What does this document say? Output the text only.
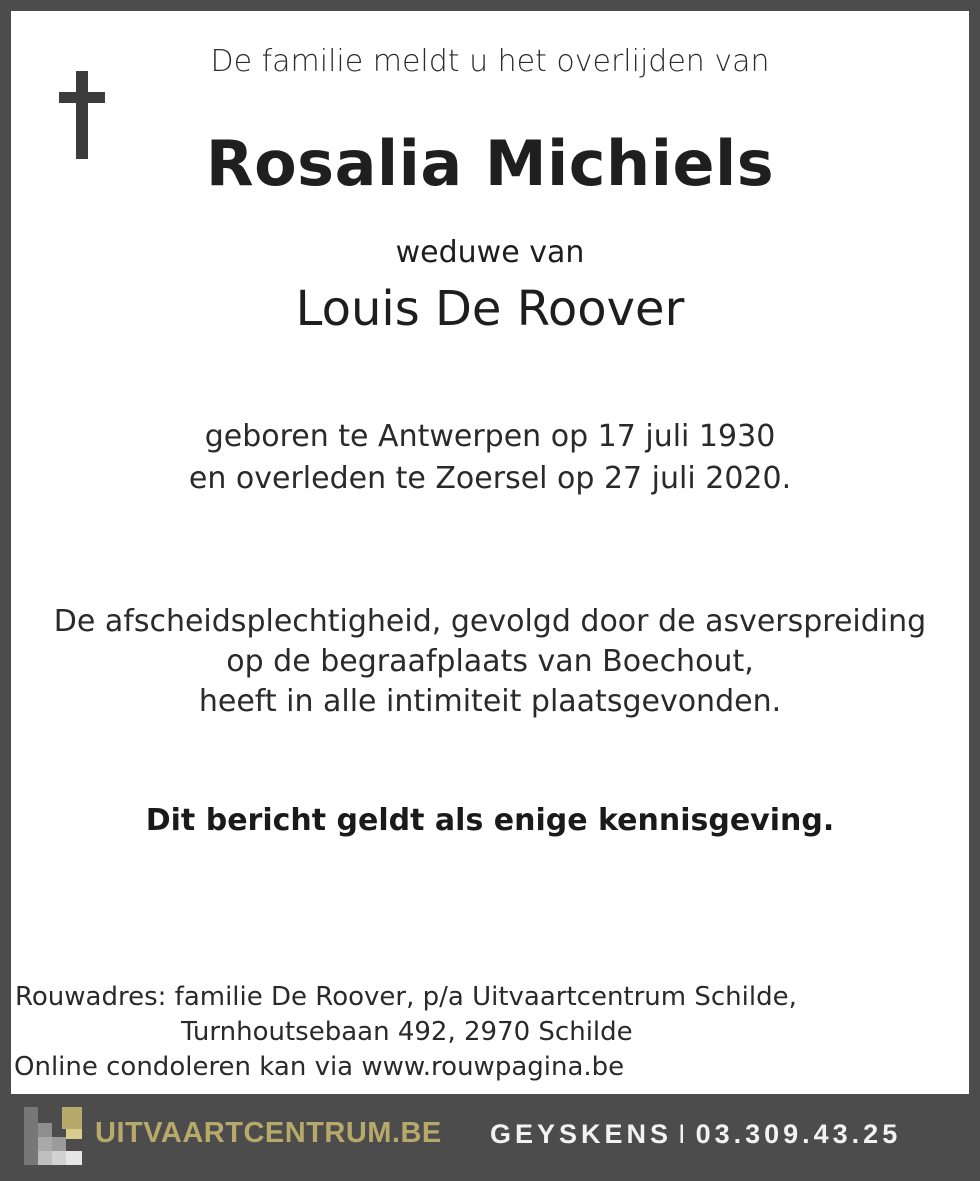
De familie meldt u het overlijden van
Rosalia Michiels
weduwe van
Louis De Roover
geboren te Antwerpen op 17 juli 1930
en overleden te Zoersel op 27 juli 2020.
De afscheidsplechtigheid, gevolgd door de asverspreiding
op de begraafplaats van Boechout,
heeft in alle intimiteit plaatsgevonden.
Dit bericht geldt als enige kennisgeving.
Rouwadres: familie De Roover, p/a Uitvaartcentrum Schilde,
Turnhoutsebaan 492, 2970 Schilde
Online condoleren kan via www.rouwpagina.be
UITVAARTCENTRUM.BE GEYSKENS I 03.309.43.25
